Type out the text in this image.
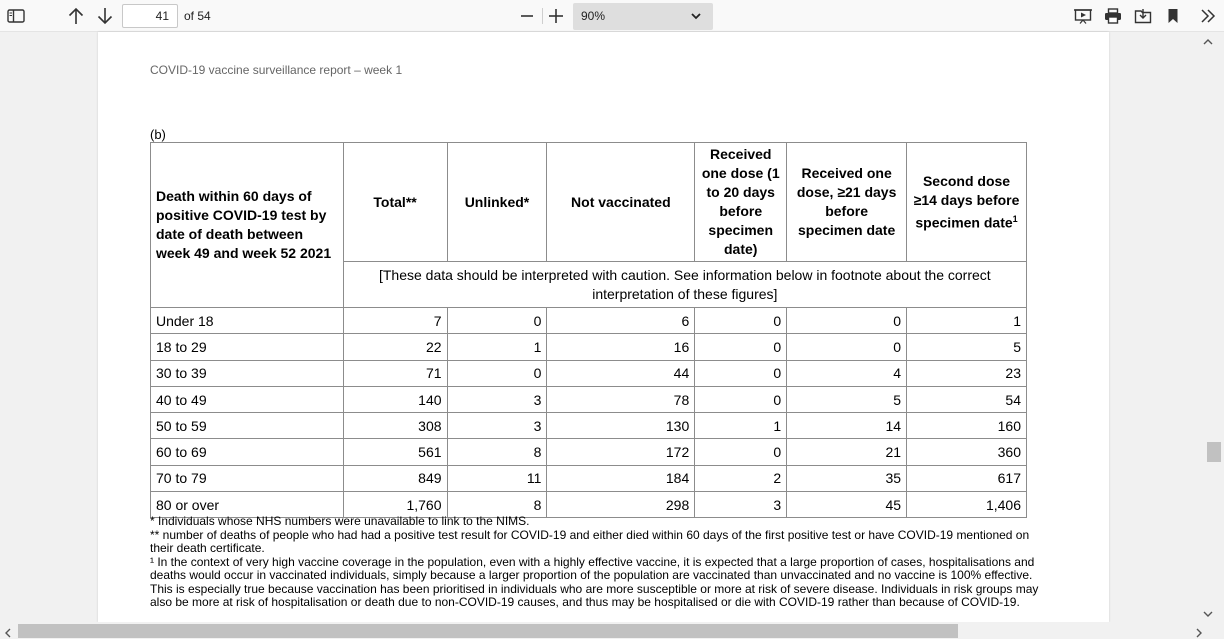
41	of 54	90%
COVID-19 vaccine surveillance report – week 1
(b)
Death within 60 days of positive COVID-19 test by date of death between week 49 and week 52 2021	Total**	Unlinked*	Not vaccinated	Received one dose (1 to 20 days before specimen date)	Received one dose, ≥21 days before specimen date	Second dose ≥14 days before specimen date$^1$
	[These data should be interpreted with caution. See information below in footnote about the correct interpretation of these figures]					
Under 18	7	0	6	0	0	1
18 to 29	22	1	16	0	0	5
30 to 39	71	0	44	0	4	23
40 to 49	140	3	78	0	5	54
50 to 59	308	3	130	1	14	160
60 to 69	561	8	172	0	21	360
70 to 79	849	11	184	2	35	617
80 or over	1,760	8	298	3	45	1,406

* Individuals whose NHS numbers were unavailable to link to the NIMS.

** number of deaths of people who had had a positive test result for COVID-19 and either died within 60 days of the first positive test or have COVID-19 mentioned on their death certificate.

¹ In the context of very high vaccine coverage in the population, even with a highly effective vaccine, it is expected that a large proportion of cases, hospitalisations and deaths would occur in vaccinated individuals, simply because a larger proportion of the population are vaccinated than unvaccinated and no vaccine is 100% effective. This is especially true because vaccination has been prioritised in individuals who are more susceptible or more at risk of severe disease. Individuals in risk groups may also be more at risk of hospitalisation or death due to non-COVID-19 causes, and thus may be hospitalised or die with COVID-19 rather than because of COVID-19.
